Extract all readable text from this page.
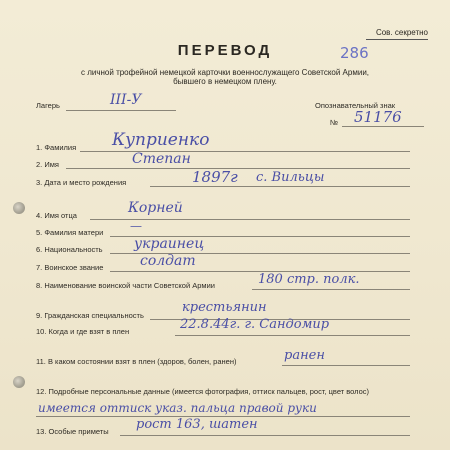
Сов. секретно
286
ПЕРЕВОД
с личной трофейной немецкой карточки военнослужащего Советской Армии,
бывшего в немецком плену.
Лагерь	III-У	Опознавательный знак
№ 51176
1. Фамилия Куприенко
2. Имя	Степан
3. Дата и место рождения	1897г с. Вильцы
4. Имя отца	Корней
5. Фамилия матери —
6. Национальность украинец
7. Воинское звание	солдат
8. Наименование воинской части Советской Армии	180 стр. полк.
9. Гражданская специальность
крестьянин
10. Когда и где взят в плен	22.8.44г. г. Сандомир
11. В каком состоянии взят в плен (здоров, болен, ранен)	ранен
12. Подробные персональные данные (имеется фотография, оттиск пальцев, рост, цвет волос)
имеется оттиск указ. пальца правой руки
13. Особые приметы рост 163, шатен
